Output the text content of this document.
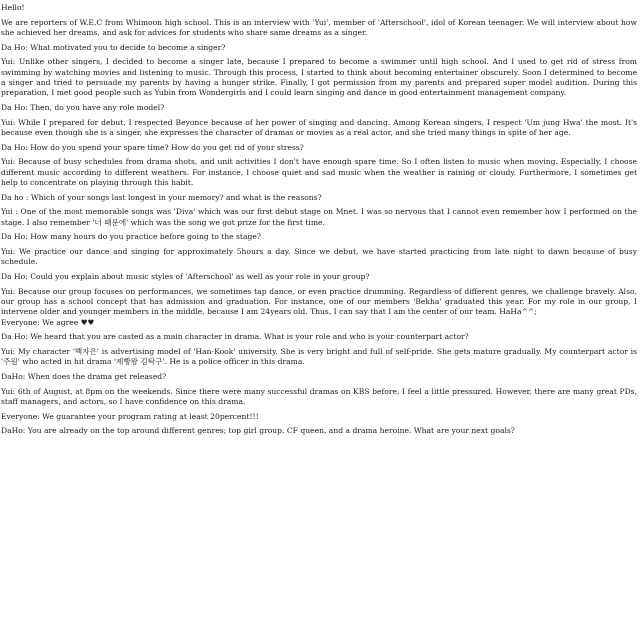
Hello!

We are reporters of W.E.C from Whimoon high school. This is an interview with 'Yui', member of 'Afterschool', idol of Korean teenager. We will interview about how she achieved her dreams, and ask for advices for students who share same dreams as a singer.

Da Ho: What motivated you to decide to become a singer?

Yui: Unlike other singers, I decided to become a singer late, because I prepared to become a swimmer until high school. And I used to get rid of stress from swimming by watching movies and listening to music. Through this process, I started to think about becoming entertainer obscurely. Soon I determined to become a singer and tried to persuade my parents by having a hunger strike. Finally, I got permission from my parents and prepared super model audition. During this preparation, I met good people such as Yubin from Wondergirls and I could learn singing and dance in good entertainment management company.

Da Ho: Then, do you have any role model?

Yui: While I prepared for debut, I respected Beyonce because of her power of singing and dancing. Among Korean singers, I respect 'Um jung Hwa' the most. It's because even though she is a singer, she expresses the character of dramas or movies as a real actor, and she tried many things in spite of her age.

Da Ho: How do you spend your spare time? How do you get rid of your stress?

Yui: Because of busy schedules from drama shots, and unit activities I don't have enough spare time. So I often listen to music when moving. Especially, I choose different music according to different weathers. For instance, I choose quiet and sad music when the weather is raining or cloudy. Furthermore, I sometimes get help to concentrate on playing through this habit.

Da ho : Which of your songs last longest in your memory? and what is the reasons?

Yui : One of the most memorable songs was 'Diva' which was our first debut stage on Mnet. I was so nervous that I cannot even remember how I performed on the stage. I also remember '너 때문에' which was the song we got prize for the first time.

Da Ho: How many hours do you practice before going to the stage?

Yui: We practice our dance and singing for approximately 5hours a day. Since we debut, we have started practicing from late night to dawn because of busy schedule.

Da Ho: Could you explain about music styles of 'Afterschool' as well as your role in your group?

Yui: Because our group focuses on performances, we sometimes tap dance, or even practice drumming. Regardless of different genres, we challenge bravely. Also, our group has a school concept that has admission and graduation. For instance, one of our members 'Bekha' graduated this year. For my role in our group, I intervene older and younger members in the middle, because I am 24years old. Thus, I can say that I am the center of our team. HaHa^^;

Everyone: We agree ♥♥

Da Ho: We heard that you are casted as a main character in drama. What is your role and who is your counterpart actor?

Yui: My character '백자은' is advertising model of 'Han-Kook' university. She is very bright and full of self-pride. She gets mature gradually. My counterpart actor is '주원' who acted in hit drama '제빵왕 김탁구'. He is a police officer in this drama.

DaHo: When does the drama get released?

Yui: 6th of August, at 8pm on the weekends. Since there were many successful dramas on KBS before, I feel a little pressured. However, there are many great PDs, staff managers, and actors, so I have confidence on this drama.

Everyone: We guarantee your program rating at least 20percent!!!

DaHo: You are already on the top around different genres; top girl group, CF queen, and a drama heroine. What are your next goals?
